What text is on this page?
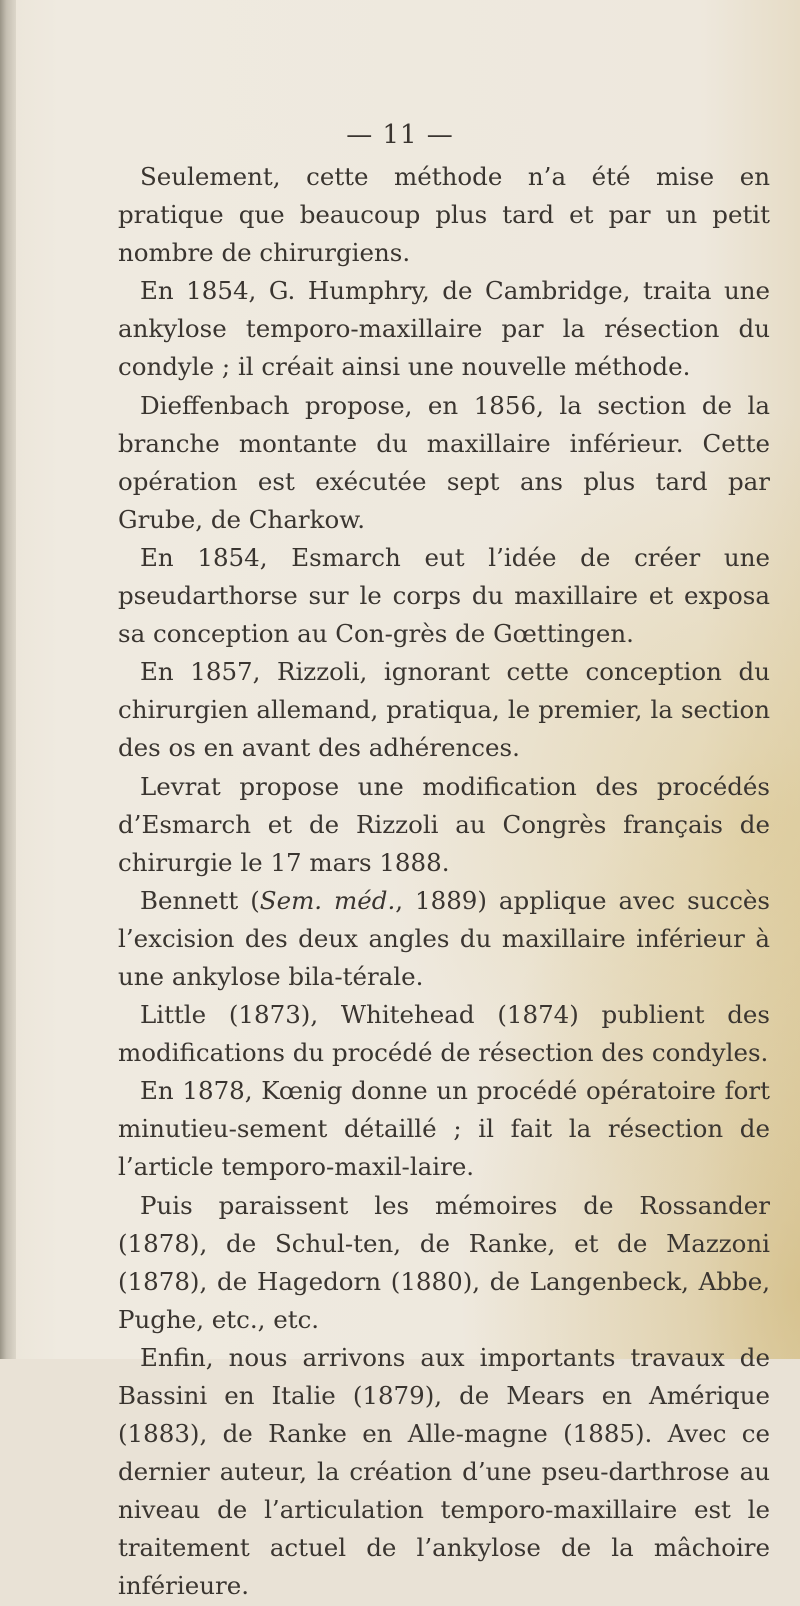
— 11 —

Seulement, cette méthode n’a été mise en pratique que beaucoup plus tard et par un petit nombre de chirurgiens.

En 1854, G. Humphry, de Cambridge, traita une ankylose temporo-maxillaire par la résection du condyle ; il créait ainsi une nouvelle méthode.

Dieffenbach propose, en 1856, la section de la branche montante du maxillaire inférieur. Cette opération est exécutée sept ans plus tard par Grube, de Charkow.

En 1854, Esmarch eut l’idée de créer une pseudarthorse sur le corps du maxillaire et exposa sa conception au Con-grès de Gœttingen.

En 1857, Rizzoli, ignorant cette conception du chirurgien allemand, pratiqua, le premier, la section des os en avant des adhérences.

Levrat propose une modification des procédés d’Esmarch et de Rizzoli au Congrès français de chirurgie le 17 mars 1888.

Bennett (Sem. méd., 1889) applique avec succès l’excision des deux angles du maxillaire inférieur à une ankylose bila-térale.

Little (1873), Whitehead (1874) publient des modifications du procédé de résection des condyles.

En 1878, Kœnig donne un procédé opératoire fort minutieu-sement détaillé ; il fait la résection de l’article temporo-maxil-laire.

Puis paraissent les mémoires de Rossander (1878), de Schul-ten, de Ranke, et de Mazzoni (1878), de Hagedorn (1880), de Langenbeck, Abbe, Pughe, etc., etc.

Enfin, nous arrivons aux importants travaux de Bassini en Italie (1879), de Mears en Amérique (1883), de Ranke en Alle-magne (1885). Avec ce dernier auteur, la création d’une pseu-darthrose au niveau de l’articulation temporo-maxillaire est le traitement actuel de l’ankylose de la mâchoire inférieure.
